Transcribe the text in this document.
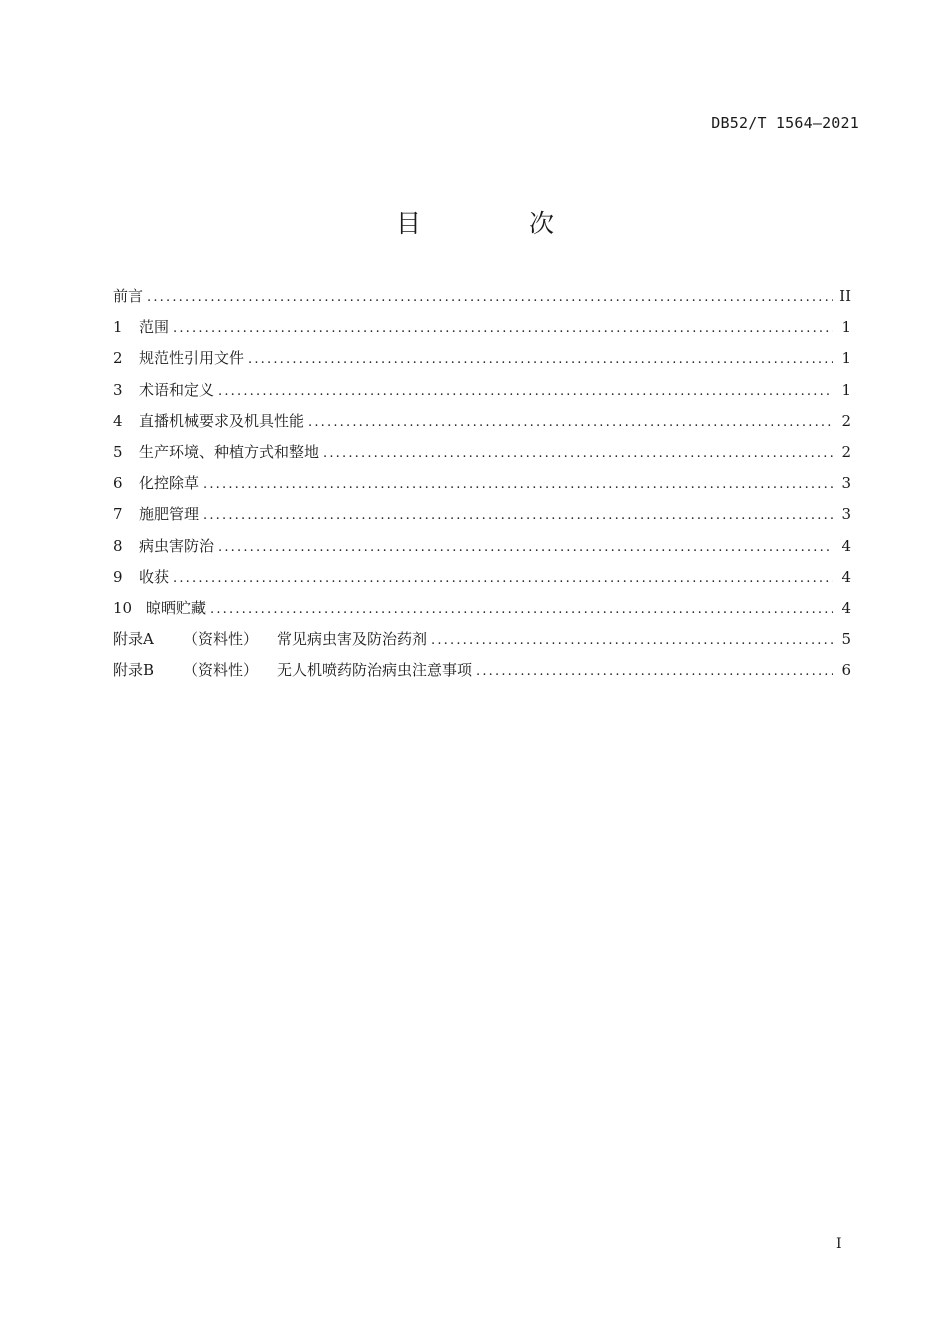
DB52/T 1564—2021
目 次
前言 .....	II
1	范围 .....	1
2	规范性引用文件 .....	1
3	术语和定义 .....	1
4	直播机械要求及机具性能 .....	2
5	生产环境、种植方式和整地 .....	2
6	化控除草 .....	3
7	施肥管理 .....	3
8	病虫害防治 .....	4
9	收获 .....	4
10 晾晒贮藏 .....	4
附录A	（资料性）	常见病虫害及防治药剂 .....	5
附录B	（资料性）	无人机喷药防治病虫注意事项 .....	6
I
